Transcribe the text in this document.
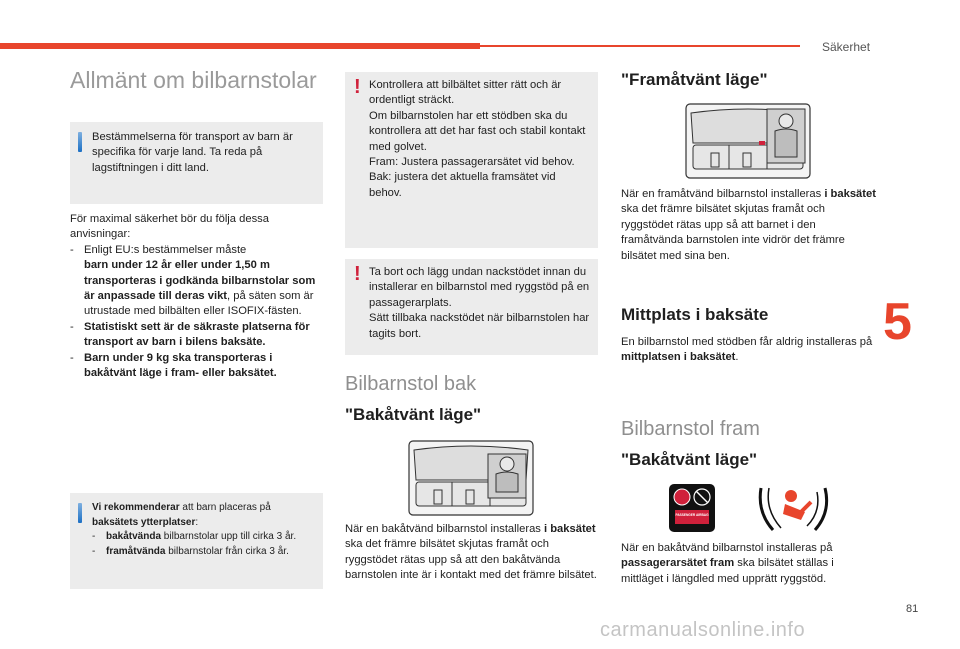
Säkerhet
Allmänt om bilbarnstolar

Bestämmelserna för transport av barn är specifika för varje land. Ta reda på lagstiftningen i ditt land.

För maximal säkerhet bör du följa dessa anvisningar:

- Enligt EU:s bestämmelser måste
barn under 12 år eller under 1,50 m transporteras i godkända bilbarnstolar som är anpassade till deras vikt, på säten som är utrustade med bilbälten eller ISOFIX-fästen.
- Statistiskt sett är de säkraste platserna för transport av barn i bilens baksäte.
- Barn under 9 kg ska transporteras i bakåtvänt läge i fram- eller baksätet.

Vi rekommenderar att barn placeras på
baksätets ytterplatser:

-	bakåtvända bilbarnstolar upp till cirka 3 år.
-	framåtvända bilbarnstolar från cirka 3 år.
! Kontrollera att bilbältet sitter rätt och är ordentligt sträckt.

Om bilbarnstolen har ett stödben ska du kontrollera att det har fast och stabil kontakt med golvet.

Fram: Justera passagerarsätet vid behov.

Bak: justera det aktuella framsätet vid behov.

! Ta bort och lägg undan nackstödet innan du installerar en bilbarnstol med ryggstöd på en passagerarplats.

Sätt tillbaka nackstödet när bilbarnstolen har tagits bort.

Bilbarnstol bak
"Bakåtvänt läge"

När en bakåtvänd bilbarnstol installeras i baksätet ska det främre bilsätet skjutas framåt och ryggstödet rätas upp så att den bakåtvända barnstolen inte är i kontakt med det främre bilsätet.

"Framåtvänt läge"

När en framåtvänd bilbarnstol installeras i baksätet ska det främre bilsätet skjutas framåt och ryggstödet rätas upp så att barnet i den framåtvända barnstolen inte vidrör det främre bilsätet med sina ben.

Mittplats i baksäte

En bilbarnstol med stödben får aldrig installeras på mittplatsen i baksätet.

Bilbarnstol fram
"Bakåtvänt läge"
PASSENGER AIRBAG

När en bakåtvänd bilbarnstol installeras på passagerarsätet fram ska bilsätet ställas i mittläget i längdled med upprätt ryggstöd.

5
81
carmanualsonline.info
